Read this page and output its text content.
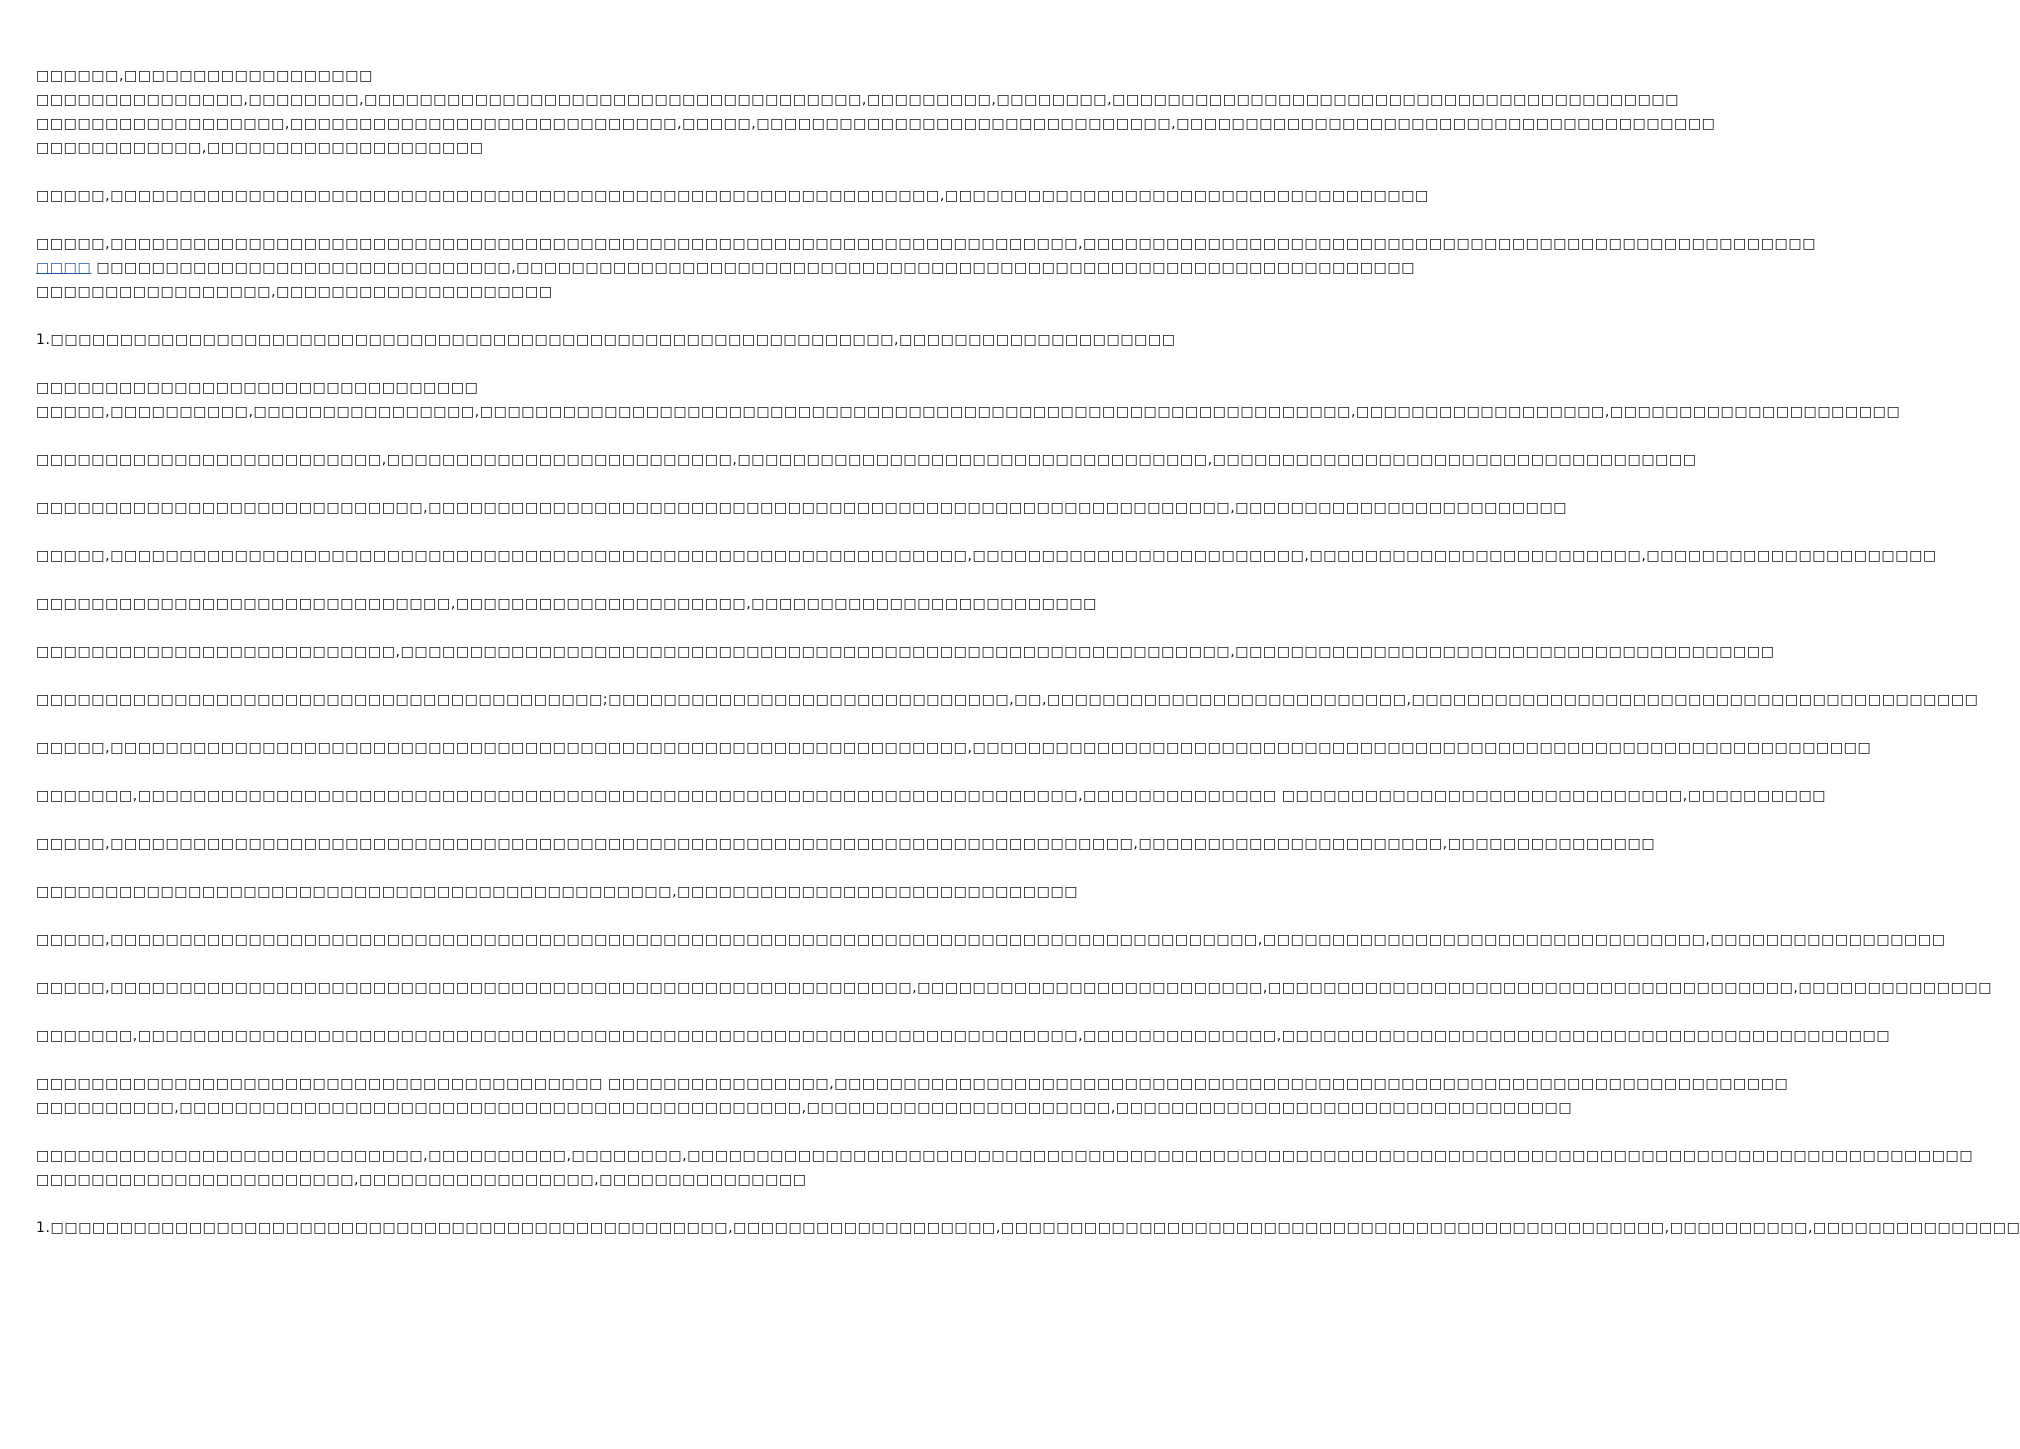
□□□□□□,□□□□□□□□□□□□□□□□□□
□□□□□□□□□□□□□□□,□□□□□□□□,□□□□□□□□□□□□□□□□□□□□□□□□□□□□□□□□□□□□,□□□□□□□□□,□□□□□□□□,□□□□□□□□□□□□□□□□□□□□□□□□□□□□□□□□□□□□□□□□□
□□□□□□□□□□□□□□□□□□,□□□□□□□□□□□□□□□□□□□□□□□□□□□□,□□□□□,□□□□□□□□□□□□□□□□□□□□□□□□□□□□□□,□□□□□□□□□□□□□□□□□□□□□□□□□□□□□□□□□□□□□□□
□□□□□□□□□□□□,□□□□□□□□□□□□□□□□□□□□
□□□□□,□□□□□□□□□□□□□□□□□□□□□□□□□□□□□□□□□□□□□□□□□□□□□□□□□□□□□□□□□□□□,□□□□□□□□□□□□□□□□□□□□□□□□□□□□□□□□□□□
□□□□□,□□□□□□□□□□□□□□□□□□□□□□□□□□□□□□□□□□□□□□□□□□□□□□□□□□□□□□□□□□□□□□□□□□□□□□,□□□□□□□□□□□□□□□□□□□□□□□□□□□□□□□□□□□□□□□□□□□□□□□□□□□□□
□□□□ □□□□□□□□□□□□□□□□□□□□□□□□□□□□□□,□□□□□□□□□□□□□□□□□□□□□□□□□□□□□□□□□□□□□□□□□□□□□□□□□□□□□□□□□□□□□□□□□
□□□□□□□□□□□□□□□□□,□□□□□□□□□□□□□□□□□□□□
1.□□□□□□□□□□□□□□□□□□□□□□□□□□□□□□□□□□□□□□□□□□□□□□□□□□□□□□□□□□□□□,□□□□□□□□□□□□□□□□□□□□
□□□□□□□□□□□□□□□□□□□□□□□□□□□□□□□□
□□□□□,□□□□□□□□□□,□□□□□□□□□□□□□□□□,□□□□□□□□□□□□□□□□□□□□□□□□□□□□□□□□□□□□□□□□□□□□□□□□□□□□□□□□□□□□□□□,□□□□□□□□□□□□□□□□□□,□□□□□□□□□□□□□□□□□□□□□
□□□□□□□□□□□□□□□□□□□□□□□□□,□□□□□□□□□□□□□□□□□□□□□□□□□,□□□□□□□□□□□□□□□□□□□□□□□□□□□□□□□□□□,□□□□□□□□□□□□□□□□□□□□□□□□□□□□□□□□□□□
□□□□□□□□□□□□□□□□□□□□□□□□□□□□,□□□□□□□□□□□□□□□□□□□□□□□□□□□□□□□□□□□□□□□□□□□□□□□□□□□□□□□□□□,□□□□□□□□□□□□□□□□□□□□□□□□
□□□□□,□□□□□□□□□□□□□□□□□□□□□□□□□□□□□□□□□□□□□□□□□□□□□□□□□□□□□□□□□□□□□□,□□□□□□□□□□□□□□□□□□□□□□□□,□□□□□□□□□□□□□□□□□□□□□□□□,□□□□□□□□□□□□□□□□□□□□□
□□□□□□□□□□□□□□□□□□□□□□□□□□□□□□,□□□□□□□□□□□□□□□□□□□□□,□□□□□□□□□□□□□□□□□□□□□□□□□
□□□□□□□□□□□□□□□□□□□□□□□□□□,□□□□□□□□□□□□□□□□□□□□□□□□□□□□□□□□□□□□□□□□□□□□□□□□□□□□□□□□□□□□,□□□□□□□□□□□□□□□□□□□□□□□□□□□□□□□□□□□□□□□
□□□□□□□□□□□□□□□□□□□□□□□□□□□□□□□□□□□□□□□□□;□□□□□□□□□□□□□□□□□□□□□□□□□□□□□,□□,□□□□□□□□□□□□□□□□□□□□□□□□□□,□□□□□□□□□□□□□□□□□□□□□□□□□□□□□□□□□□□□□□□□□
□□□□□,□□□□□□□□□□□□□□□□□□□□□□□□□□□□□□□□□□□□□□□□□□□□□□□□□□□□□□□□□□□□□□,□□□□□□□□□□□□□□□□□□□□□□□□□□□□□□□□□□□□□□□□□□□□□□□□□□□□□□□□□□□□□□□□□
□□□□□□□,□□□□□□□□□□□□□□□□□□□□□□□□□□□□□□□□□□□□□□□□□□□□□□□□□□□□□□□□□□□□□□□□□□□□,□□□□□□□□□□□□□□ □□□□□□□□□□□□□□□□□□□□□□□□□□□□□,□□□□□□□□□□
□□□□□,□□□□□□□□□□□□□□□□□□□□□□□□□□□□□□□□□□□□□□□□□□□□□□□□□□□□□□□□□□□□□□□□□□□□□□□□□□,□□□□□□□□□□□□□□□□□□□□□□,□□□□□□□□□□□□□□□
□□□□□□□□□□□□□□□□□□□□□□□□□□□□□□□□□□□□□□□□□□□□□□,□□□□□□□□□□□□□□□□□□□□□□□□□□□□□
□□□□□,□□□□□□□□□□□□□□□□□□□□□□□□□□□□□□□□□□□□□□□□□□□□□□□□□□□□□□□□□□□□□□□□□□□□□□□□□□□□□□□□□□□,□□□□□□□□□□□□□□□□□□□□□□□□□□□□□□□□,□□□□□□□□□□□□□□□□□
□□□□□,□□□□□□□□□□□□□□□□□□□□□□□□□□□□□□□□□□□□□□□□□□□□□□□□□□□□□□□□□□,□□□□□□□□□□□□□□□□□□□□□□□□□,□□□□□□□□□□□□□□□□□□□□□□□□□□□□□□□□□□□□□□,□□□□□□□□□□□□□□
□□□□□□□,□□□□□□□□□□□□□□□□□□□□□□□□□□□□□□□□□□□□□□□□□□□□□□□□□□□□□□□□□□□□□□□□□□□□,□□□□□□□□□□□□□□,□□□□□□□□□□□□□□□□□□□□□□□□□□□□□□□□□□□□□□□□□□□□
□□□□□□□□□□□□□□□□□□□□□□□□□□□□□□□□□□□□□□□□□ □□□□□□□□□□□□□□□□,□□□□□□□□□□□□□□□□□□□□□□□□□□□□□□□□□□□□□□□□□□□□□□□□□□□□□□□□□□□□□□□□□□□□□
□□□□□□□□□□,□□□□□□□□□□□□□□□□□□□□□□□□□□□□□□□□□□□□□□□□□□□□□,□□□□□□□□□□□□□□□□□□□□□□,□□□□□□□□□□□□□□□□□□□□□□□□□□□□□□□□□
□□□□□□□□□□□□□□□□□□□□□□□□□□□□,□□□□□□□□□□,□□□□□□□□,□□□□□□□□□□□□□□□□□□□□□□□□□□□□□□□□□□□□□□□□□□□□□□□□□□□□□□□□□□□□□□□□□□□□□□□□□□□□□□□□□□□□□□□□□□□□□
□□□□□□□□□□□□□□□□□□□□□□□,□□□□□□□□□□□□□□□□□,□□□□□□□□□□□□□□□
1.□□□□□□□□□□□□□□□□□□□□□□□□□□□□□□□□□□□□□□□□□□□□□□□□□,□□□□□□□□□□□□□□□□□□□,□□□□□□□□□□□□□□□□□□□□□□□□□□□□□□□□□□□□□□□□□□□□□□□□,□□□□□□□□□□,□□□□□□□□□□□□□□□
